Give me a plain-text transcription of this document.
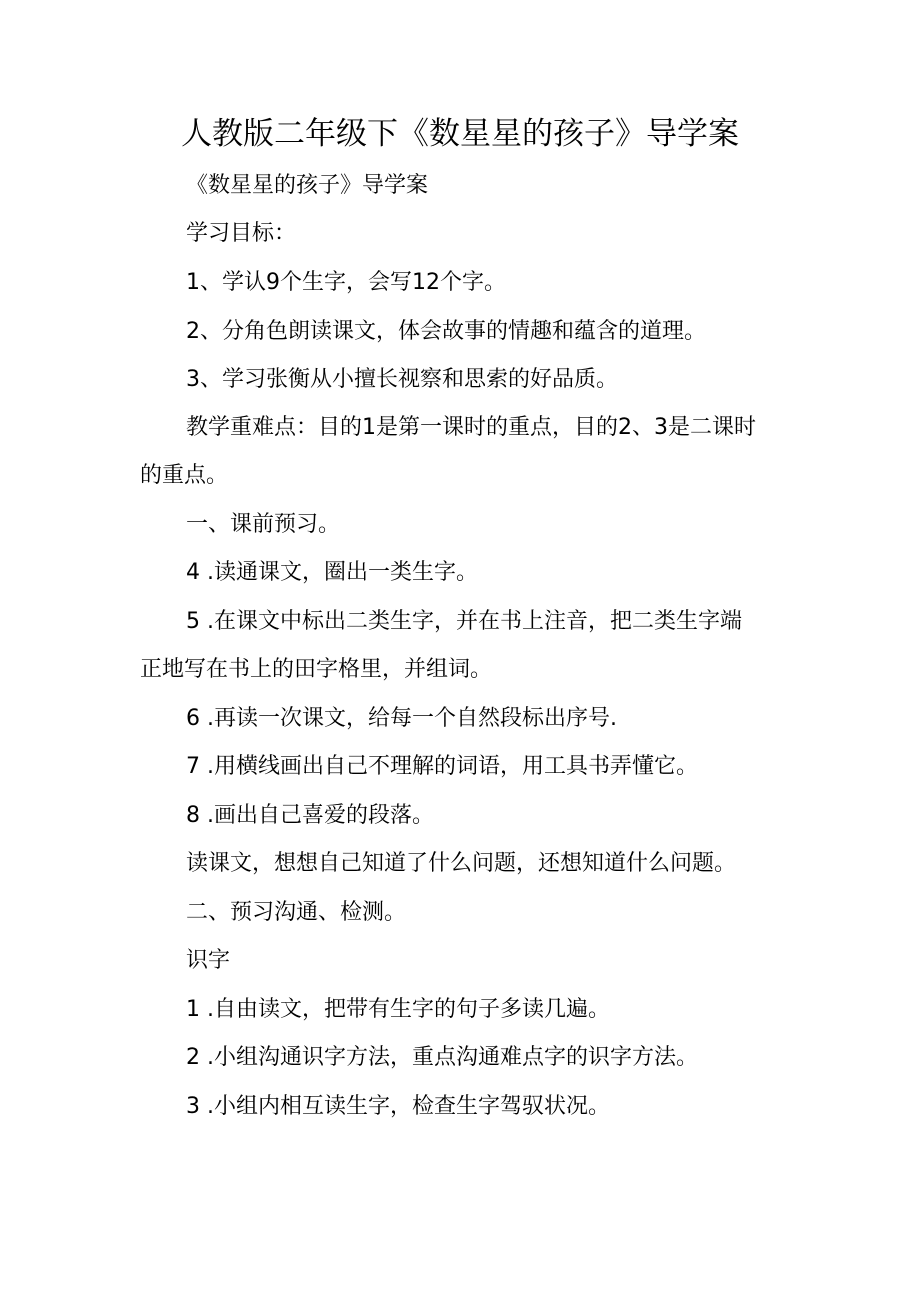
人教版二年级下《数星星的孩子》导学案
《数星星的孩子》导学案
学习目标：
1、学认9个生字，会写12个字。
2、分角色朗读课文，体会故事的情趣和蕴含的道理。
3、学习张衡从小擅长视察和思索的好品质。
教学重难点：目的1是第一课时的重点，目的2、3是二课时
的重点。
一、课前预习。
4 .读通课文，圈出一类生字。
5 .在课文中标出二类生字，并在书上注音，把二类生字端
正地写在书上的田字格里，并组词。
6 .再读一次课文，给每一个自然段标出序号.
7 .用横线画出自己不理解的词语，用工具书弄懂它。
8 .画出自己喜爱的段落。
读课文，想想自己知道了什么问题，还想知道什么问题。
二、预习沟通、检测。
识字
1 .自由读文，把带有生字的句子多读几遍。
2 .小组沟通识字方法，重点沟通难点字的识字方法。
3 .小组内相互读生字，检查生字驾驭状况。
